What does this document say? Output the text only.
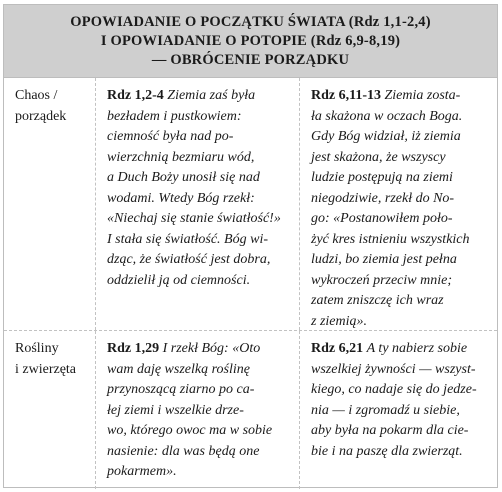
OPOWIADANIE O POCZĄTKU ŚWIATA (Rdz 1,1-2,4)
I OPOWIADANIE O POTOPIE (Rdz 6,9-8,19)
— OBRÓCENIE PORZĄDKU
Chaos /
porządek
Rdz 1,2-4 Ziemia zaś była
bezładem i pustkowiem:
ciemność była nad po-
wierzchnią bezmiaru wód,
a Duch Boży unosił się nad
wodami. Wtedy Bóg rzekł:
«Niechaj się stanie światłość!»
I stała się światłość. Bóg wi-
dząc, że światłość jest dobra,
oddzielił ją od ciemności.
Rdz 6,11-13 Ziemia zosta-
ła skażona w oczach Boga.
Gdy Bóg widział, iż ziemia
jest skażona, że wszyscy
ludzie postępują na ziemi
niegodziwie, rzekł do No-
go: «Postanowiłem poło-
żyć kres istnieniu wszystkich
ludzi, bo ziemia jest pełna
wykroczeń przeciw mnie;
zatem zniszczę ich wraz
z ziemią».
Rośliny
i zwierzęta
Rdz 1,29 I rzekł Bóg: «Oto
wam daję wszelką roślinę
przynoszącą ziarno po ca-
łej ziemi i wszelkie drze-
wo, którego owoc ma w sobie
nasienie: dla was będą one
pokarmem».
Rdz 6,21 A ty nabierz sobie
wszelkiej żywności — wszyst-
kiego, co nadaje się do jedze-
nia — i zgromadź u siebie,
aby była na pokarm dla cie-
bie i na paszę dla zwierząt.
